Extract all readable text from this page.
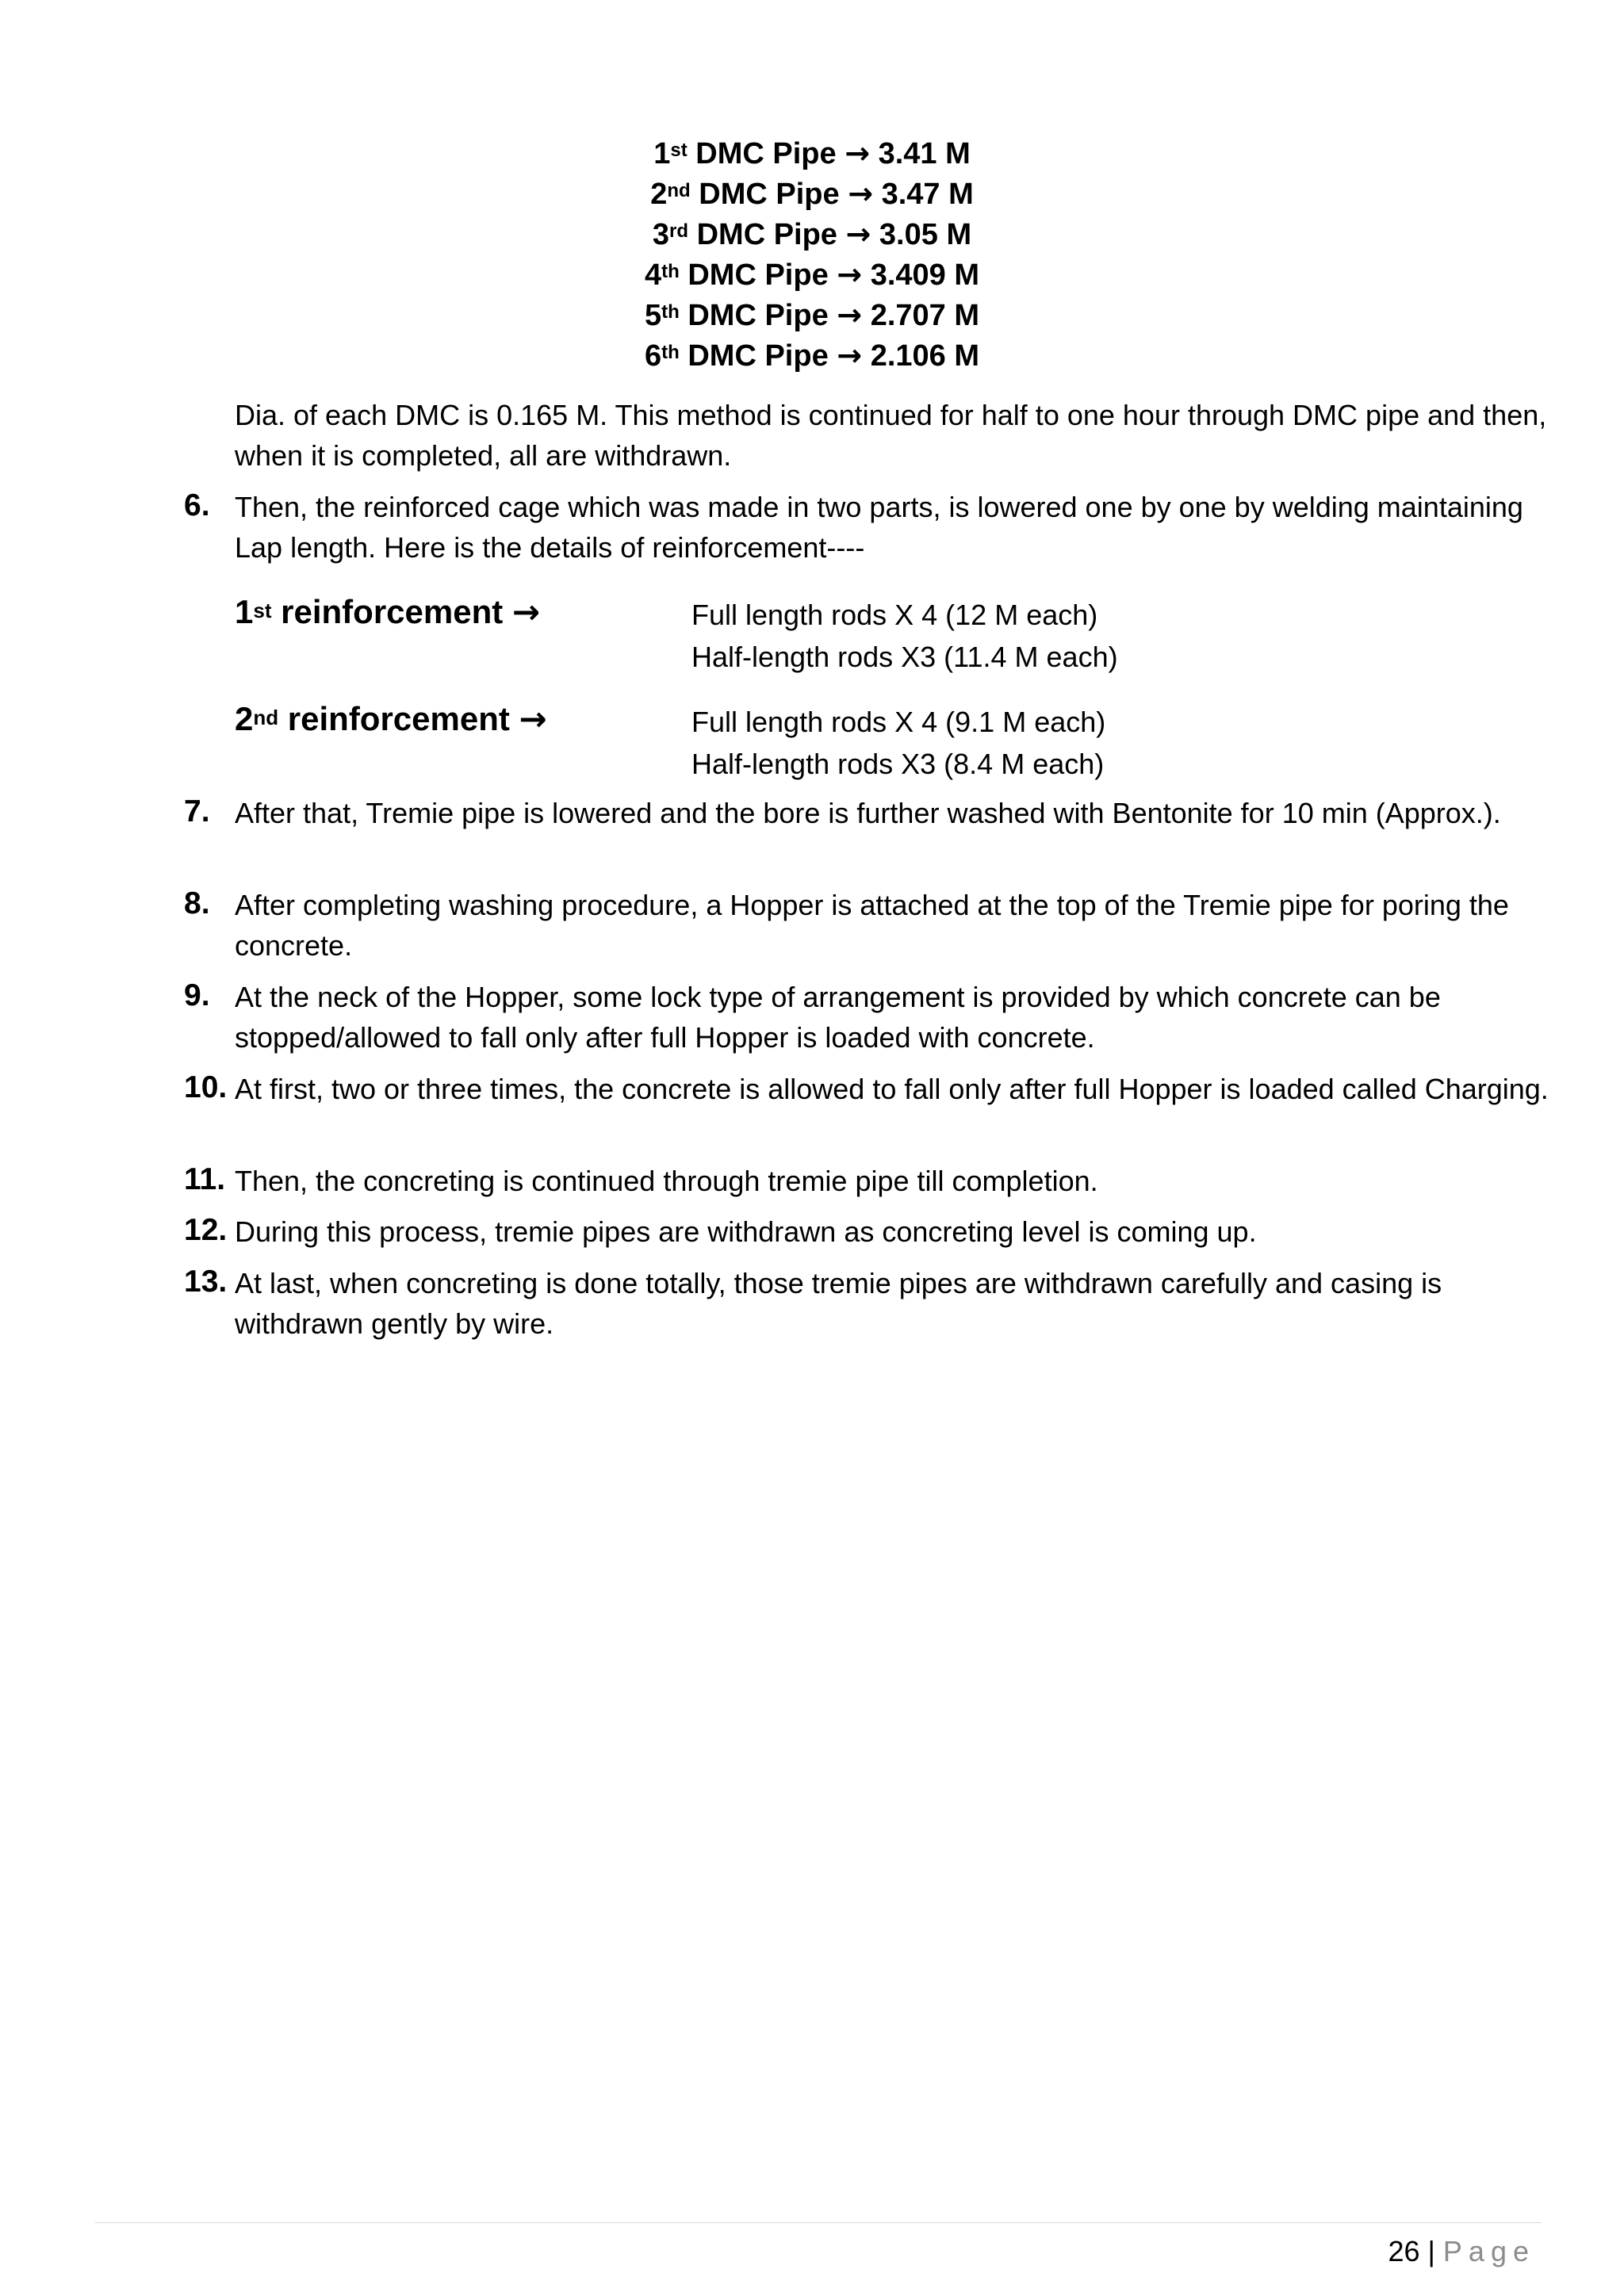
1st DMC Pipe → 3.41 M
2nd DMC Pipe → 3.47 M
3rd DMC Pipe → 3.05 M
4th DMC Pipe → 3.409 M
5th DMC Pipe → 2.707 M
6th DMC Pipe → 2.106 M
Dia. of each DMC is 0.165 M. This method is continued for half to one hour through DMC pipe and then, when it is completed, all are withdrawn.
6. Then, the reinforced cage which was made in two parts, is lowered one by one by welding maintaining Lap length. Here is the details of reinforcement----
1st reinforcement →	Full length rods X 4 (12 M each)
Half-length rods X3 (11.4 M each)
2nd reinforcement →	Full length rods X 4 (9.1 M each)
Half-length rods X3 (8.4 M each)
7. After that, Tremie pipe is lowered and the bore is further washed with Bentonite for 10 min (Approx.).
8. After completing washing procedure, a Hopper is attached at the top of the Tremie pipe for poring the concrete.
9. At the neck of the Hopper, some lock type of arrangement is provided by which concrete can be stopped/allowed to fall only after full Hopper is loaded with concrete.
10. At first, two or three times, the concrete is allowed to fall only after full Hopper is loaded called Charging.
11. Then, the concreting is continued through tremie pipe till completion.
12. During this process, tremie pipes are withdrawn as concreting level is coming up.
13. At last, when concreting is done totally, those tremie pipes are withdrawn carefully and casing is withdrawn gently by wire.
26 | Page
